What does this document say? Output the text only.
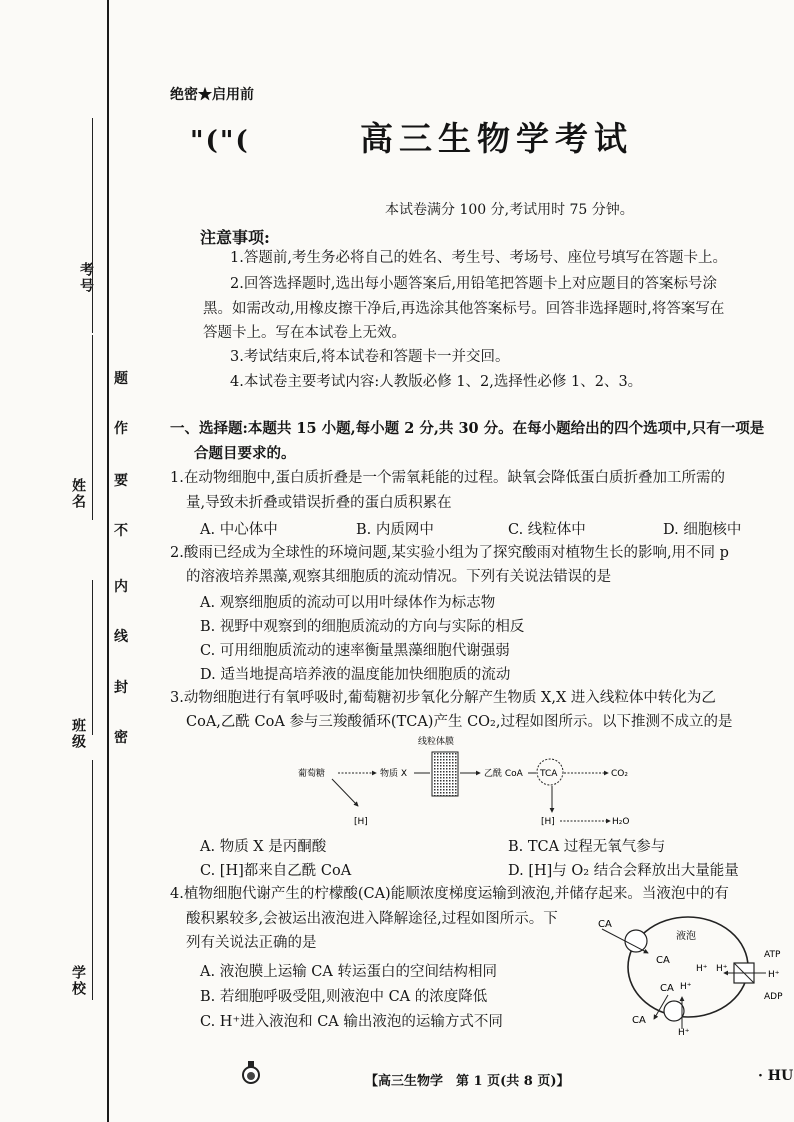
考号
姓名
班级
学校
题
作
要
不
内
线
封
密
绝密★启用前
"("(	高三生物学考试
本试卷满分 100 分,考试用时 75 分钟。
注意事项:
1.答题前,考生务必将自己的姓名、考生号、考场号、座位号填写在答题卡上。
2.回答选择题时,选出每小题答案后,用铅笔把答题卡上对应题目的答案标号涂
黑。如需改动,用橡皮擦干净后,再选涂其他答案标号。回答非选择题时,将答案写在
答题卡上。写在本试卷上无效。
3.考试结束后,将本试卷和答题卡一并交回。
4.本试卷主要考试内容:人教版必修 1、2,选择性必修 1、2、3。
一、选择题:本题共 15 小题,每小题 2 分,共 30 分。在每小题给出的四个选项中,只有一项是
合题目要求的。
1.在动物细胞中,蛋白质折叠是一个需氧耗能的过程。缺氧会降低蛋白质折叠加工所需的
量,导致未折叠或错误折叠的蛋白质积累在
A. 中心体中	B. 内质网中	C. 线粒体中	D. 细胞核中
2.酸雨已经成为全球性的环境问题,某实验小组为了探究酸雨对植物生长的影响,用不同 p
的溶液培养黑藻,观察其细胞质的流动情况。下列有关说法错误的是
A. 观察细胞质的流动可以用叶绿体作为标志物
B. 视野中观察到的细胞质流动的方向与实际的相反
C. 可用细胞质流动的速率衡量黑藻细胞代谢强弱
D. 适当地提高培养液的温度能加快细胞质的流动
3.动物细胞进行有氧呼吸时,葡萄糖初步氧化分解产生物质 X,X 进入线粒体中转化为乙
CoA,乙酰 CoA 参与三羧酸循环(TCA)产生 CO₂,过程如图所示。以下推测不成立的是
线粒体膜
葡萄糖	物质 X	乙酰 CoA TCA	CO₂
[H]	[H]	H₂O
A. 物质 X 是丙酮酸	B. TCA 过程无氧气参与
C. [H]都来自乙酰 CoA	D. [H]与 O₂ 结合会释放出大量能量
4.植物细胞代谢产生的柠檬酸(CA)能顺浓度梯度运输到液泡,并储存起来。当液泡中的有
酸积累较多,会被运出液泡进入降解途径,过程如图所示。下
列有关说法正确的是
A. 液泡膜上运输 CA 转运蛋白的空间结构相同
B. 若细胞呼吸受阻,则液泡中 CA 的浓度降低
C. H⁺进入液泡和 CA 输出液泡的运输方式不同
液泡
CA
CA
H⁺ H⁺
ATP
H⁺
ADP
CA H⁺
CA
H⁺
【高三生物学　第 1 页(共 8 页)】	· HU
